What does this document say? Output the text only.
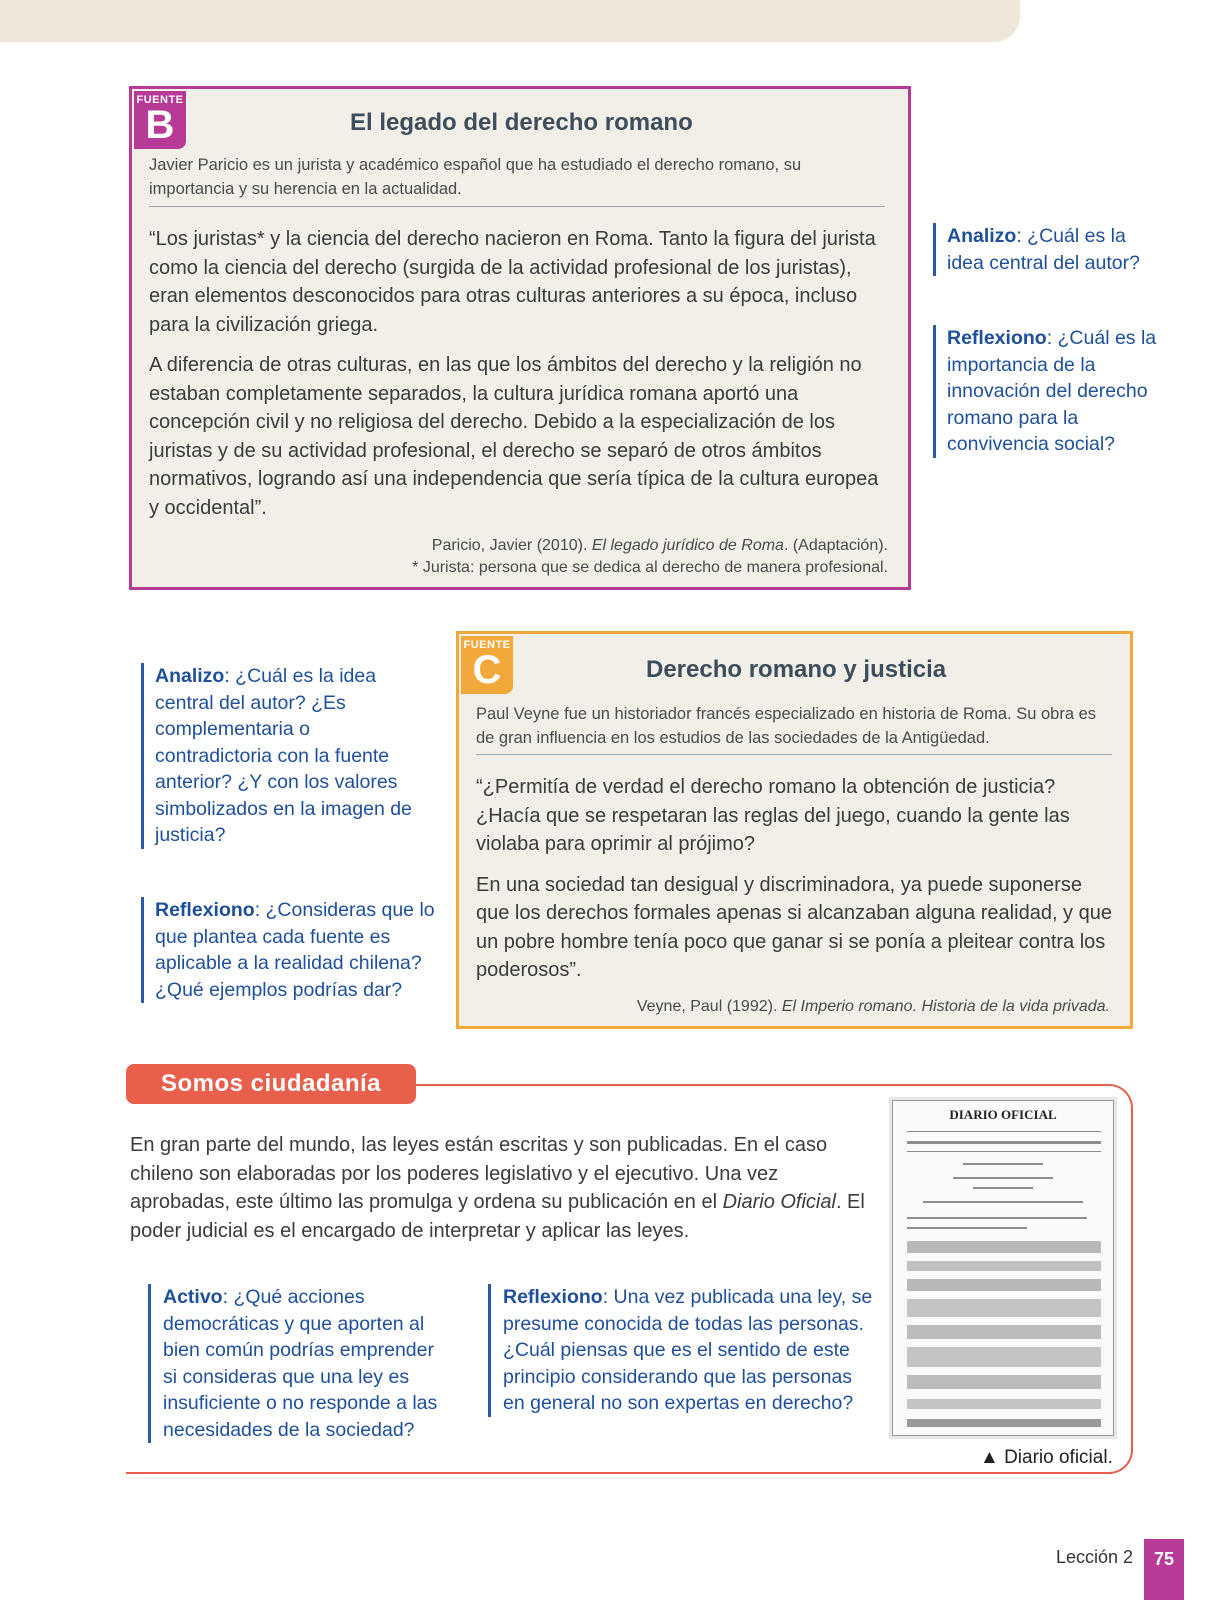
FUENTE
B	El legado del derecho romano
Javier Paricio es un jurista y académico español que ha estudiado el derecho romano, su importancia y su herencia en la actualidad.

“Los juristas* y la ciencia del derecho nacieron en Roma. Tanto la figura del jurista como la ciencia del derecho (surgida de la actividad profesional de los juristas), eran elementos desconocidos para otras culturas anteriores a su época, incluso para la civilización griega.

A diferencia de otras culturas, en las que los ámbitos del derecho y la religión no estaban completamente separados, la cultura jurídica romana aportó una concepción civil y no religiosa del derecho. Debido a la especialización de los juristas y de su actividad profesional, el derecho se separó de otros ámbitos normativos, logrando así una independencia que sería típica de la cultura europea y occidental”.

Paricio, Javier (2010). El legado jurídico de Roma. (Adaptación).
* Jurista: persona que se dedica al derecho de manera profesional.
Analizo: ¿Cuál es la idea central del autor?
Reflexiono: ¿Cuál es la importancia de la innovación del derecho romano para la convivencia social?
Analizo: ¿Cuál es la idea central del autor? ¿Es complementaria o contradictoria con la fuente anterior? ¿Y con los valores simbolizados en la imagen de justicia?
Reflexiono: ¿Consideras que lo que plantea cada fuente es aplicable a la realidad chilena? ¿Qué ejemplos podrías dar?
FUENTE
C	Derecho romano y justicia
Paul Veyne fue un historiador francés especializado en historia de Roma. Su obra es de gran influencia en los estudios de las sociedades de la Antigüedad.

“¿Permitía de verdad el derecho romano la obtención de justicia? ¿Hacía que se respetaran las reglas del juego, cuando la gente las violaba para oprimir al prójimo?

En una sociedad tan desigual y discriminadora, ya puede suponerse que los derechos formales apenas si alcanzaban alguna realidad, y que un pobre hombre tenía poco que ganar si se ponía a pleitear contra los poderosos”.

Veyne, Paul (1992). El Imperio romano. Historia de la vida privada.
Somos ciudadanía
En gran parte del mundo, las leyes están escritas y son publicadas. En el caso chileno son elaboradas por los poderes legislativo y el ejecutivo. Una vez aprobadas, este último las promulga y ordena su publicación en el Diario Oficial. El poder judicial es el encargado de interpretar y aplicar las leyes.
Activo: ¿Qué acciones democráticas y que aporten al bien común podrías emprender si consideras que una ley es insuficiente o no responde a las necesidades de la sociedad?
Reflexiono: Una vez publicada una ley, se presume conocida de todas las personas. ¿Cuál piensas que es el sentido de este principio considerando que las personas en general no son expertas en derecho?
DIARIO OFICIAL
▲ Diario oficial.
Lección 2	75
